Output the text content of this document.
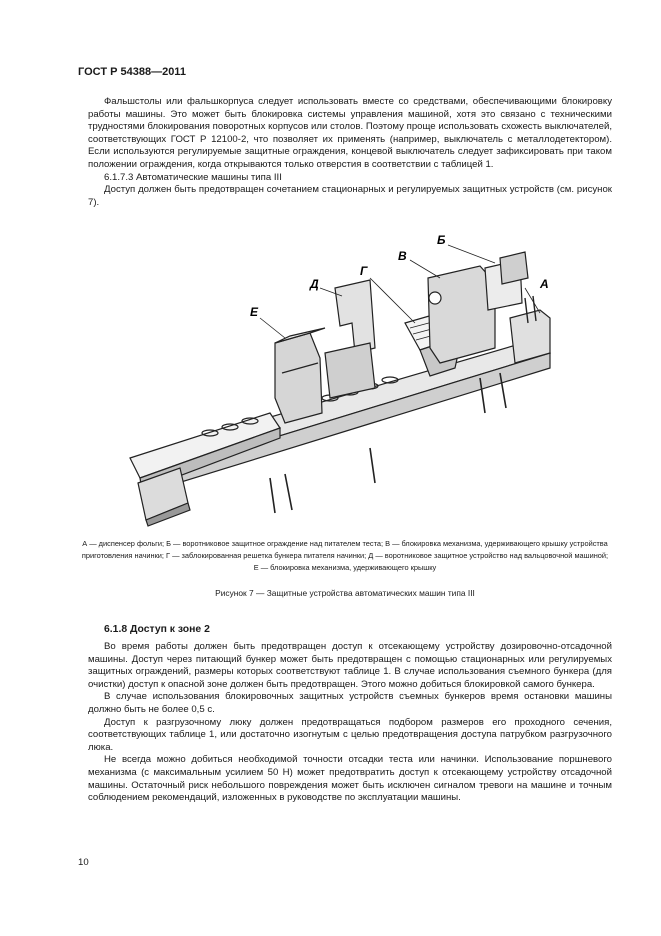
ГОСТ Р 54388—2011

Фальшстолы или фальшкорпуса следует использовать вместе со средствами, обеспечивающими блокировку работы машины. Это может быть блокировка системы управления машиной, хотя это связано с техническими трудностями блокирования поворотных корпусов или столов. Поэтому проще использовать схожесть выключателей, соответствующих ГОСТ Р 12100-2, что позволяет их применять (например, выключатель с металлодетектором). Если используются регулируемые защитные ограждения, концевой выключатель следует зафиксировать при таком положении ограждения, когда открываются только отверстия в соответствии с таблицей 1.

6.1.7.3 Автоматические машины типа III

Доступ должен быть предотвращен сочетанием стационарных и регулируемых защитных устройств (см. рисунок 7).

Е
Д
Г
В
Б
А
А — диспенсер фольги; Б — воротниковое защитное ограждение над питателем теста; В — блокировка механизма, удерживающего крышку устройства приготовления начинки; Г — заблокированная решетка бункера питателя начинки; Д — воротниковое защитное устройство над вальцовочной машиной; Е — блокировка механизма, удерживающего крышку
Рисунок 7 — Защитные устройства автоматических машин типа III
6.1.8 Доступ к зоне 2

Во время работы должен быть предотвращен доступ к отсекающему устройству дозировочно-отсадочной машины. Доступ через питающий бункер может быть предотвращен с помощью стационарных или регулируемых защитных ограждений, размеры которых соответствуют таблице 1. В случае использования съемного бункера (для очистки) доступ к опасной зоне должен быть предотвращен. Этого можно добиться блокировкой самого бункера.

В случае использования блокировочных защитных устройств съемных бункеров время остановки машины должно быть не более 0,5 с.

Доступ к разгрузочному люку должен предотвращаться подбором размеров его проходного сечения, соответствующих таблице 1, или достаточно изогнутым с целью предотвращения доступа патрубком разгрузочного люка.

Не всегда можно добиться необходимой точности отсадки теста или начинки. Использование поршневого механизма (с максимальным усилием 50 Н) может предотвратить доступ к отсекающему устройству отсадочной машины. Остаточный риск небольшого повреждения может быть исключен сигналом тревоги на машине и точным соблюдением рекомендаций, изложенных в руководстве по эксплуатации машины.

10
